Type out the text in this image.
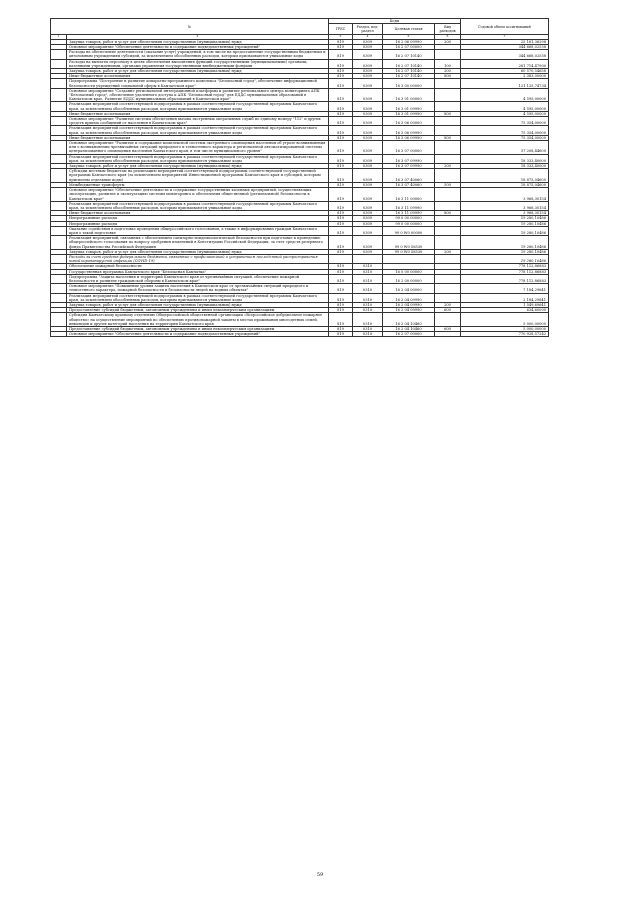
№		Коды				Годовой объем ассигнований
		ГРБС	Раздел, под-раздел	Целевая статья	Вид расходов	
1	2	3	4	5	6	7
	Закупка товаров, работ и услуг для обеспечения государственных (муниципальных) нужд	819	0309	16 2 06 09990	200	25 161,36298
	Основное мероприятие "Обеспечение деятельности и содержание подведомственных учреждений"	819	0309	16 2 07 00000		344 668,02558
	Расходы на обеспечение деятельности (оказание услуг) учреждений, в том числе на предоставление государственным бюджетным и автономным учреждениям субсидий, за исключением обособленных расходов, которым присваиваются уникальные коды	819	0309	16 2 07 10140		344 668,02558
	Расходы на выплаты персоналу в целях обеспечения выполнения функций государственными (муниципальными) органами, казенными учреждениями, органами управления государственными внебюджетными фондами	819	0309	16 2 07 10140	100	281 714,47900
	Закупка товаров, работ и услуг для обеспечения государственных (муниципальных) нужд	819	0309	16 2 07 10140	200	60 570,54658
	Иные бюджетные ассигнования	819	0309	16 2 07 10140	800	2 383,00000
	Подпрограмма "Построение и развитие аппаратно-программного комплекса "Безопасный город", обеспечение информационной безопасности учреждений социальной сферы в Камчатском крае"	819	0309	16 3 00 00000		121 125,74734
	Основное мероприятие "Создание региональной интеграционной платформы и развитие регионального центра мониторинга АПК "Безопасный город", обеспечение удаленного доступа к АПК "Безопасный город" для ЕДДС муниципальных образований в Камчатском крае. Развитие ЕДДС муниципальных образований в Камчатском крае"	819	0309	16 3 01 00000		4 595,00000
	Реализация мероприятий соответствующей подпрограммы в рамках соответствующей государственной программы Камчатского края, за исключением обособленных расходов, которым присваиваются уникальные коды	819	0309	16 3 01 09990		4 595,00000
	Иные бюджетные ассигнования	819	0309	16 3 01 09990	800	4 595,00000
	Основное мероприятие "Развитие системы обеспечения вызова экстренных оперативных служб по единому номеру "112" и других средств приема сообщений от населения в Камчатском крае"	819	0309	16 3 06 00000		75 354,00000
	Реализация мероприятий соответствующей подпрограммы в рамках соответствующей государственной программы Камчатского края, за исключением обособленных расходов, которым присваиваются уникальные коды	819	0309	16 3 06 09990		75 354,00000
	Иные бюджетные ассигнования	819	0309	16 3 06 09990	800	75 354,00000
	Основное мероприятие "Развитие и содержание комплексной системы экстренного оповещения населения об угрозе возникновения или о возникновении чрезвычайных ситуаций природного и техногенного характера и региональной автоматизированной системы централизованного оповещения населения Камчатского края, в том числе муниципального уровня"	819	0309	16 3 07 00000		37 208,44600
	Реализация мероприятий соответствующей подпрограммы в рамках соответствующей государственной программы Камчатского края, за исключением обособленных расходов, которым присваиваются уникальные коды	819	0309	16 3 07 09990		18 333,40000
	Закупка товаров, работ и услуг для обеспечения государственных (муниципальных) нужд	819	0309	16 3 07 09990	200	18 333,40000
	Субсидии местным бюджетам на реализацию мероприятий соответствующей подпрограммы соответствующей государственной программы Камчатского края (за исключением мероприятий Инвестиционной программы Камчатского края и субсидий, которым присвоены отдельные коды)	819	0309	16 3 07 40060		18 875,04600
	Межбюджетные трансферты	819	0309	16 3 07 40060	500	18 875,04600
	Основное мероприятие "Обеспечение деятельности и содержание государственных казенных предприятий, осуществляющих эксплуатацию, развитие и эксплуатацию системы мониторинга и обеспечения общественной (региональной) безопасности в Камчатском крае"	819	0309	16 3 11 00000		3 968,30154
	Реализация мероприятий соответствующей подпрограммы в рамках соответствующей государственной программы Камчатского края, за исключением обособленных расходов, которым присваиваются уникальные коды	819	0309	16 3 11 09990		3 968,30154
	Иные бюджетные ассигнования	819	0309	16 3 11 09990	800	3 968,30154
	Непрограммные расходы	819	0309	99 0 00 00000		19 280,10486
	Непрограммные расходы	819	0309	99 0 00 00000		19 280,10486
	Оказание содействия в подготовке проведения общероссийского голосования, а также в информировании граждан Камчатского края о такой подготовке	819	0309	99 0 W0 00000		19 280,10486
	Реализация мероприятий, связанных с обеспечением санитарно-эпидемиологической безопасности при подготовке к проведению общероссийского голосования по вопросу одобрения изменений в Конституцию Российской Федерации, за счет средств резервного фонда Правительства Российской Федерации	819	0309	99 0 W0 58530		19 280,10486
	Закупка товаров, работ и услуг для обеспечения государственных (муниципальных) нужд	819	0309	99 0 W0 58530	200	19 280,10486
	Расходы за счет средств федерального бюджета, связанные с профилактикой и устранением последствий распространения новой коронавирусной инфекции (COVID-19)					19 280,10486
	Обеспечение пожарной безопасности	819	0310			778 112,86883
	Государственная программа Камчатского края "Безопасная Камчатка"	819	0310	16 0 00 00000		778 112,86883
	Подпрограмма "Защита населения и территорий Камчатского края от чрезвычайных ситуаций, обеспечение пожарной безопасности и развитие гражданской обороны в Камчатском крае"	819	0310	16 2 00 00000		778 112,86883
	Основное мероприятие "Повышение уровня защиты населения в Камчатском крае от чрезвычайных ситуаций природного и техногенного характера, пожарной безопасности и безопасности людей на водных объектах"	819	0310	16 2 04 00000		7 184,29641
	Реализация мероприятий соответствующей подпрограммы в рамках соответствующей государственной программы Камчатского края, за исключением обособленных расходов, которым присваиваются уникальные коды	819	0310	16 2 04 09990		2 184,29641
	Закупка товаров, работ и услуг для обеспечения государственных (муниципальных) нужд	819	0310	16 2 04 09990	200	1 549,69641
	Предоставление субсидий бюджетным, автономным учреждениям и иным некоммерческим организациям	819	0310	16 2 04 09990	600	634,60000
	Субсидия Камчатскому краевому отделению Общероссийской общественной организации «Всероссийское добровольное пожарное общество» на осуществление мероприятий по обеспечению противопожарной защиты в местах проживания многодетных семей, инвалидов и других категорий населения на территории Камчатского края	819	0310	16 2 04 10460		5 000,00000
	Предоставление субсидий бюджетным, автономным учреждениям и иным некоммерческим организациям	819	0310	16 2 04 10460	600	5 000,00000
	Основное мероприятие "Обеспечение деятельности и содержание подведомственных учреждений"	819	0310	16 2 07 00000		770 928,57242
59
